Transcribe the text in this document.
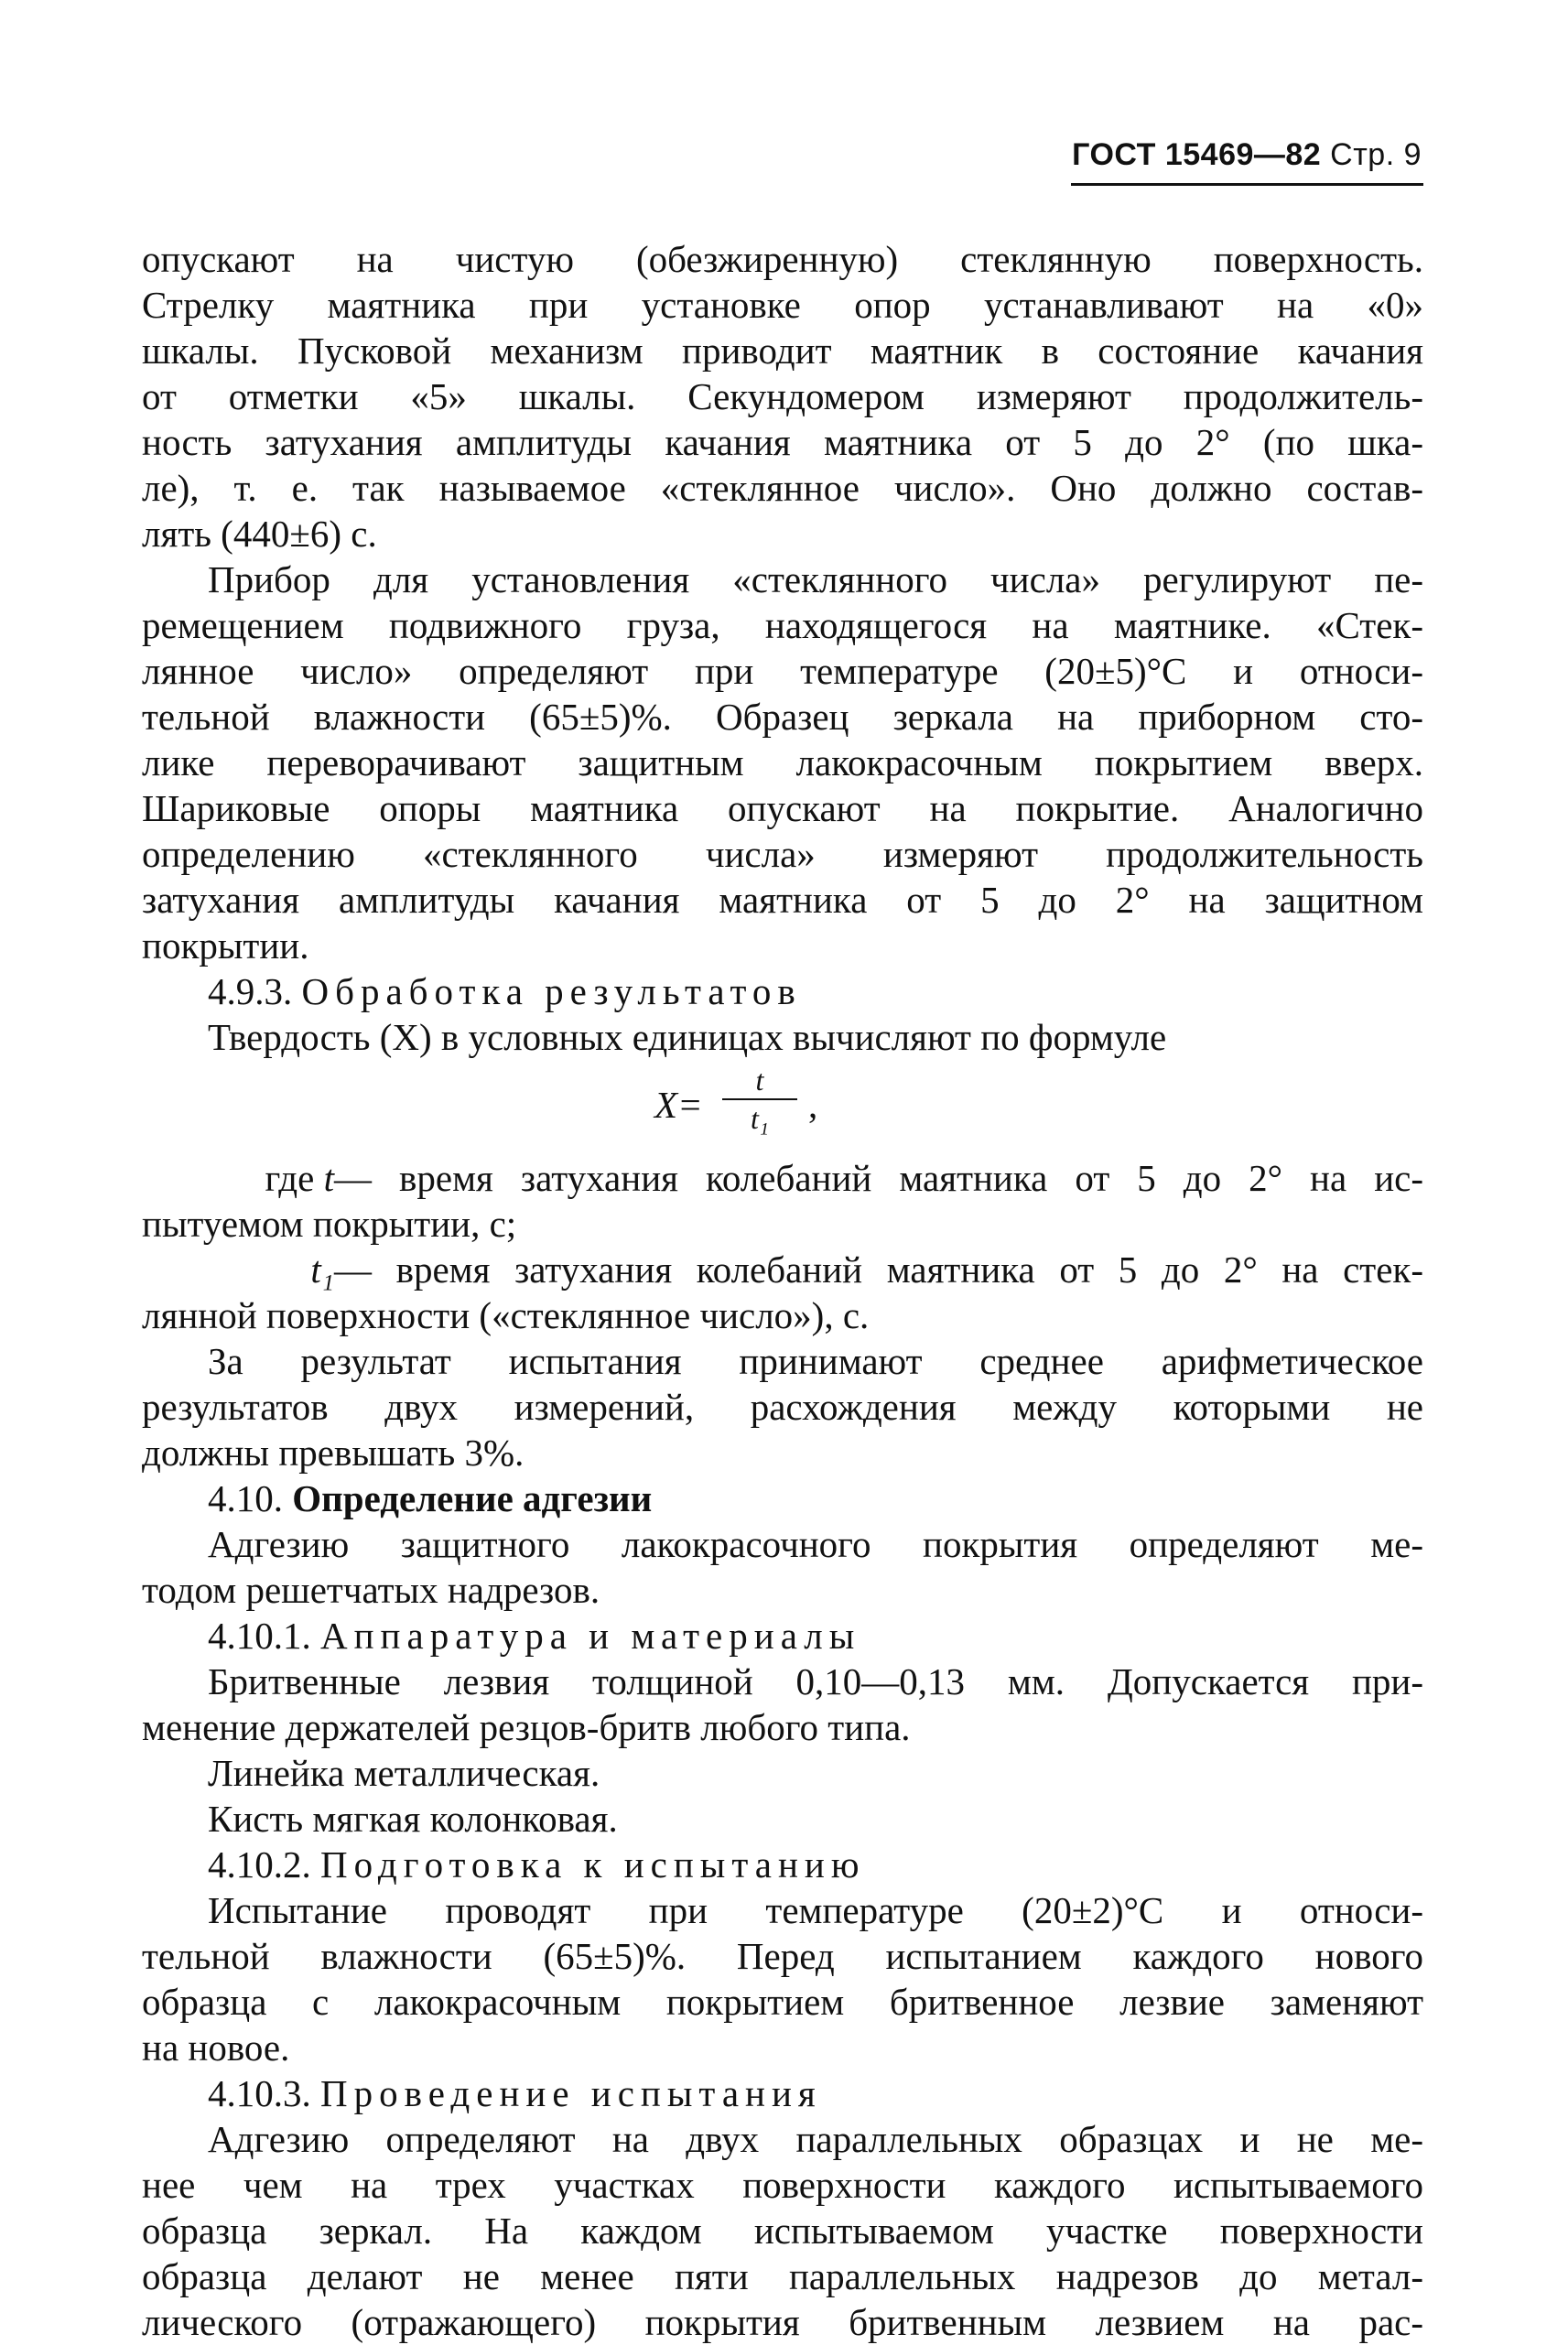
ГОСТ 15469—82 Стр. 9
опускают на чистую (обезжиренную) стеклянную поверхность.
Стрелку маятника при установке опор устанавливают на «0»
шкалы. Пусковой механизм приводит маятник в состояние качания
от отметки «5» шкалы. Секундомером измеряют продолжитель-
ность затухания амплитуды качания маятника от 5 до 2° (по шка-
ле), т. е. так называемое «стеклянное число». Оно должно состав-
лять (440±6) с.
Прибор для установления «стеклянного числа» регулируют пе-
ремещением подвижного груза, находящегося на маятнике. «Стек-
лянное число» определяют при температуре (20±5)°С и относи-
тельной влажности (65±5)%. Образец зеркала на приборном сто-
лике переворачивают защитным лакокрасочным покрытием вверх.
Шариковые опоры маятника опускают на покрытие. Аналогично
определению «стеклянного числа» измеряют продолжительность
затухания амплитуды качания маятника от 5 до 2° на защитном
покрытии.
4.9.3. Обработка результатов
Твердость (X) в условных единицах вычисляют по формуле
X=
t
t₁	,
где t — время затухания колебаний маятника от 5 до 2° на ис-
пытуемом покрытии, с;
t₁ — время затухания колебаний маятника от 5 до 2° на стек-
лянной поверхности («стеклянное число»), с.
За результат испытания принимают среднее арифметическое
результатов двух измерений, расхождения между которыми не
должны превышать 3%.
4.10. Определение адгезии
Адгезию защитного лакокрасочного покрытия определяют ме-
тодом решетчатых надрезов.
4.10.1. Аппаратура и материалы
Бритвенные лезвия толщиной 0,10—0,13 мм. Допускается при-
менение держателей резцов-бритв любого типа.
Линейка металлическая.
Кисть мягкая колонковая.
4.10.2. Подготовка к испытанию
Испытание проводят при температуре (20±2)°С и относи-
тельной влажности (65±5)%. Перед испытанием каждого нового
образца с лакокрасочным покрытием бритвенное лезвие заменяют
на новое.
4.10.3. Проведение испытания
Адгезию определяют на двух параллельных образцах и не ме-
нее чем на трех участках поверхности каждого испытываемого
образца зеркал. На каждом испытываемом участке поверхности
образца делают не менее пяти параллельных надрезов до метал-
лического (отражающего) покрытия бритвенным лезвием на рас-
